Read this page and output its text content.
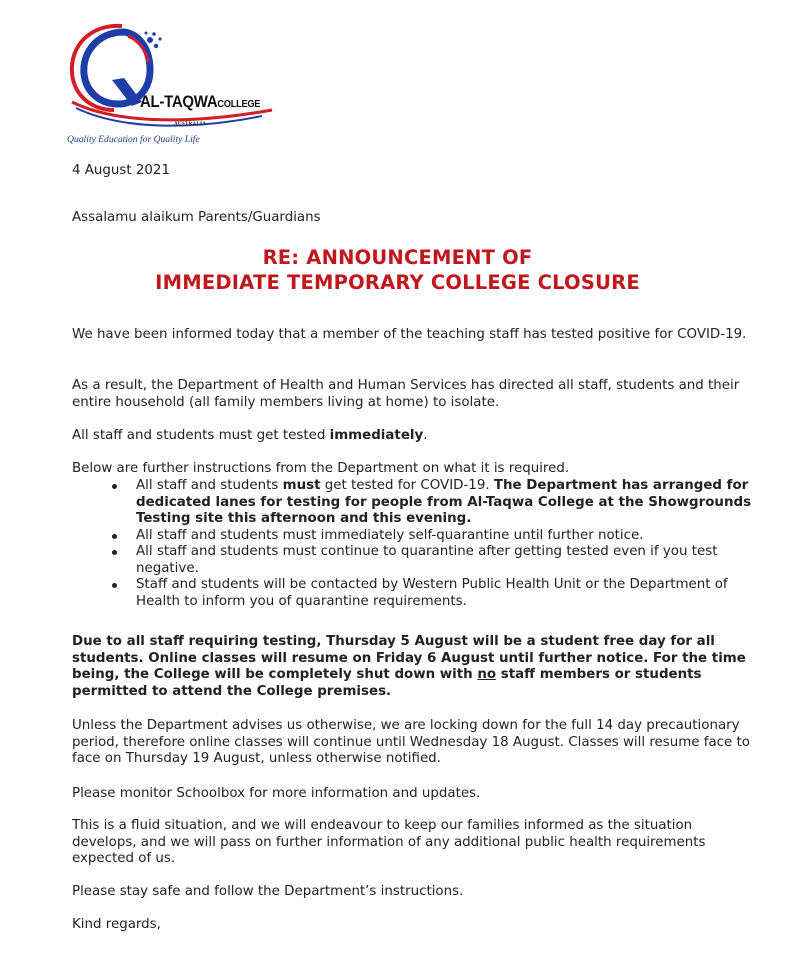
AL-TAQWACOLLEGE
AUSTRALIA
Quality Education for Quality Life

4 August 2021

Assalamu alaikum Parents/Guardians

RE: ANNOUNCEMENT OF
IMMEDIATE TEMPORARY COLLEGE CLOSURE

We have been informed today that a member of the teaching staff has tested positive for COVID-19.

As a result, the Department of Health and Human Services has directed all staff, students and their entire household (all family members living at home) to isolate.

All staff and students must get tested immediately.

Below are further instructions from the Department on what it is required.

All staff and students must get tested for COVID-19. The Department has arranged for dedicated lanes for testing for people from Al-Taqwa College at the Showgrounds Testing site this afternoon and this evening.
All staff and students must immediately self-quarantine until further notice.
All staff and students must continue to quarantine after getting tested even if you test negative.
Staff and students will be contacted by Western Public Health Unit or the Department of Health to inform you of quarantine requirements.

Due to all staff requiring testing, Thursday 5 August will be a student free day for all students. Online classes will resume on Friday 6 August until further notice. For the time being, the College will be completely shut down with no staff members or students permitted to attend the College premises.

Unless the Department advises us otherwise, we are locking down for the full 14 day precautionary period, therefore online classes will continue until Wednesday 18 August. Classes will resume face to face on Thursday 19 August, unless otherwise notified.

Please monitor Schoolbox for more information and updates.

This is a fluid situation, and we will endeavour to keep our families informed as the situation develops, and we will pass on further information of any additional public health requirements expected of us.

Please stay safe and follow the Department’s instructions.

Kind regards,
